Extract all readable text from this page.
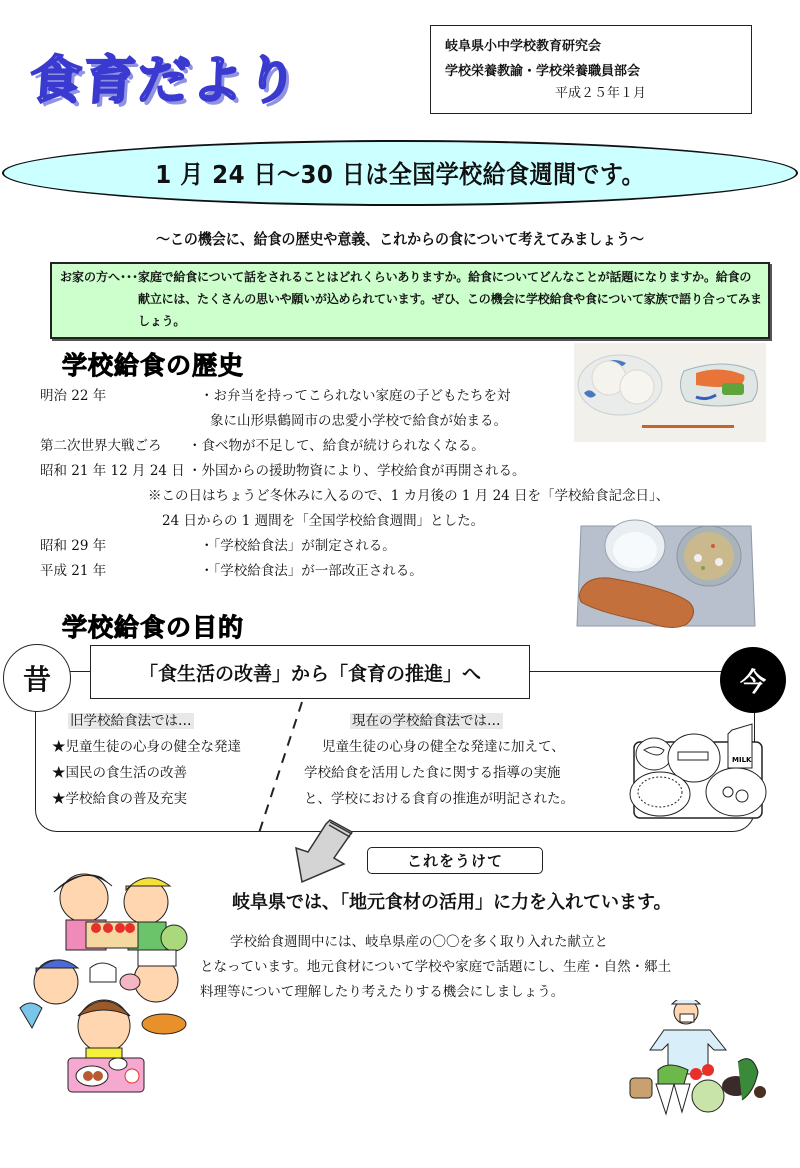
食育だより
岐阜県小中学校教育研究会
学校栄養教諭・学校栄養職員部会
平成２５年１月
1 月 24 日～30 日は全国学校給食週間です。
～この機会に、給食の歴史や意義、これからの食について考えてみましょう～
お家の方へ･･･ 家庭で給食について話をされることはどれくらいありますか。給食についてどんなことが話題になりますか。給食の献立には、たくさんの思いや願いが込められています。ぜひ、この機会に学校給食や食について家族で語り合ってみましょう。
学校給食の歴史
明治 22 年	・お弁当を持ってこられない家庭の子どもたちを対
象に山形県鶴岡市の忠愛小学校で給食が始まる。
第二次世界大戦ごろ	・食べ物が不足して、給食が続けられなくなる。
昭和 21 年 12 月 24 日 ・外国からの援助物資により、学校給食が再開される。
※この日はちょうど冬休みに入るので、1 カ月後の 1 月 24 日を「学校給食記念日」、
24 日からの 1 週間を「全国学校給食週間」とした。
昭和 29 年	・「学校給食法」が制定される。
平成 21 年	・「学校給食法」が一部改正される。
学校給食の目的
昔	今
「食生活の改善」から「食育の推進」へ
旧学校給食法では…
★児童生徒の心身の健全な発達
★国民の食生活の改善
★学校給食の普及充実
現在の学校給食法では…
児童生徒の心身の健全な発達に加えて、
学校給食を活用した食に関する指導の実施
と、学校における食育の推進が明記された。
MILK
これをうけて
岐阜県では、「地元食材の活用」に力を入れています。
学校給食週間中には、岐阜県産の〇〇を多く取り入れた献立と
となっています。地元食材について学校や家庭で話題にし、生産・自然・郷土
料理等について理解したり考えたりする機会にしましょう。
